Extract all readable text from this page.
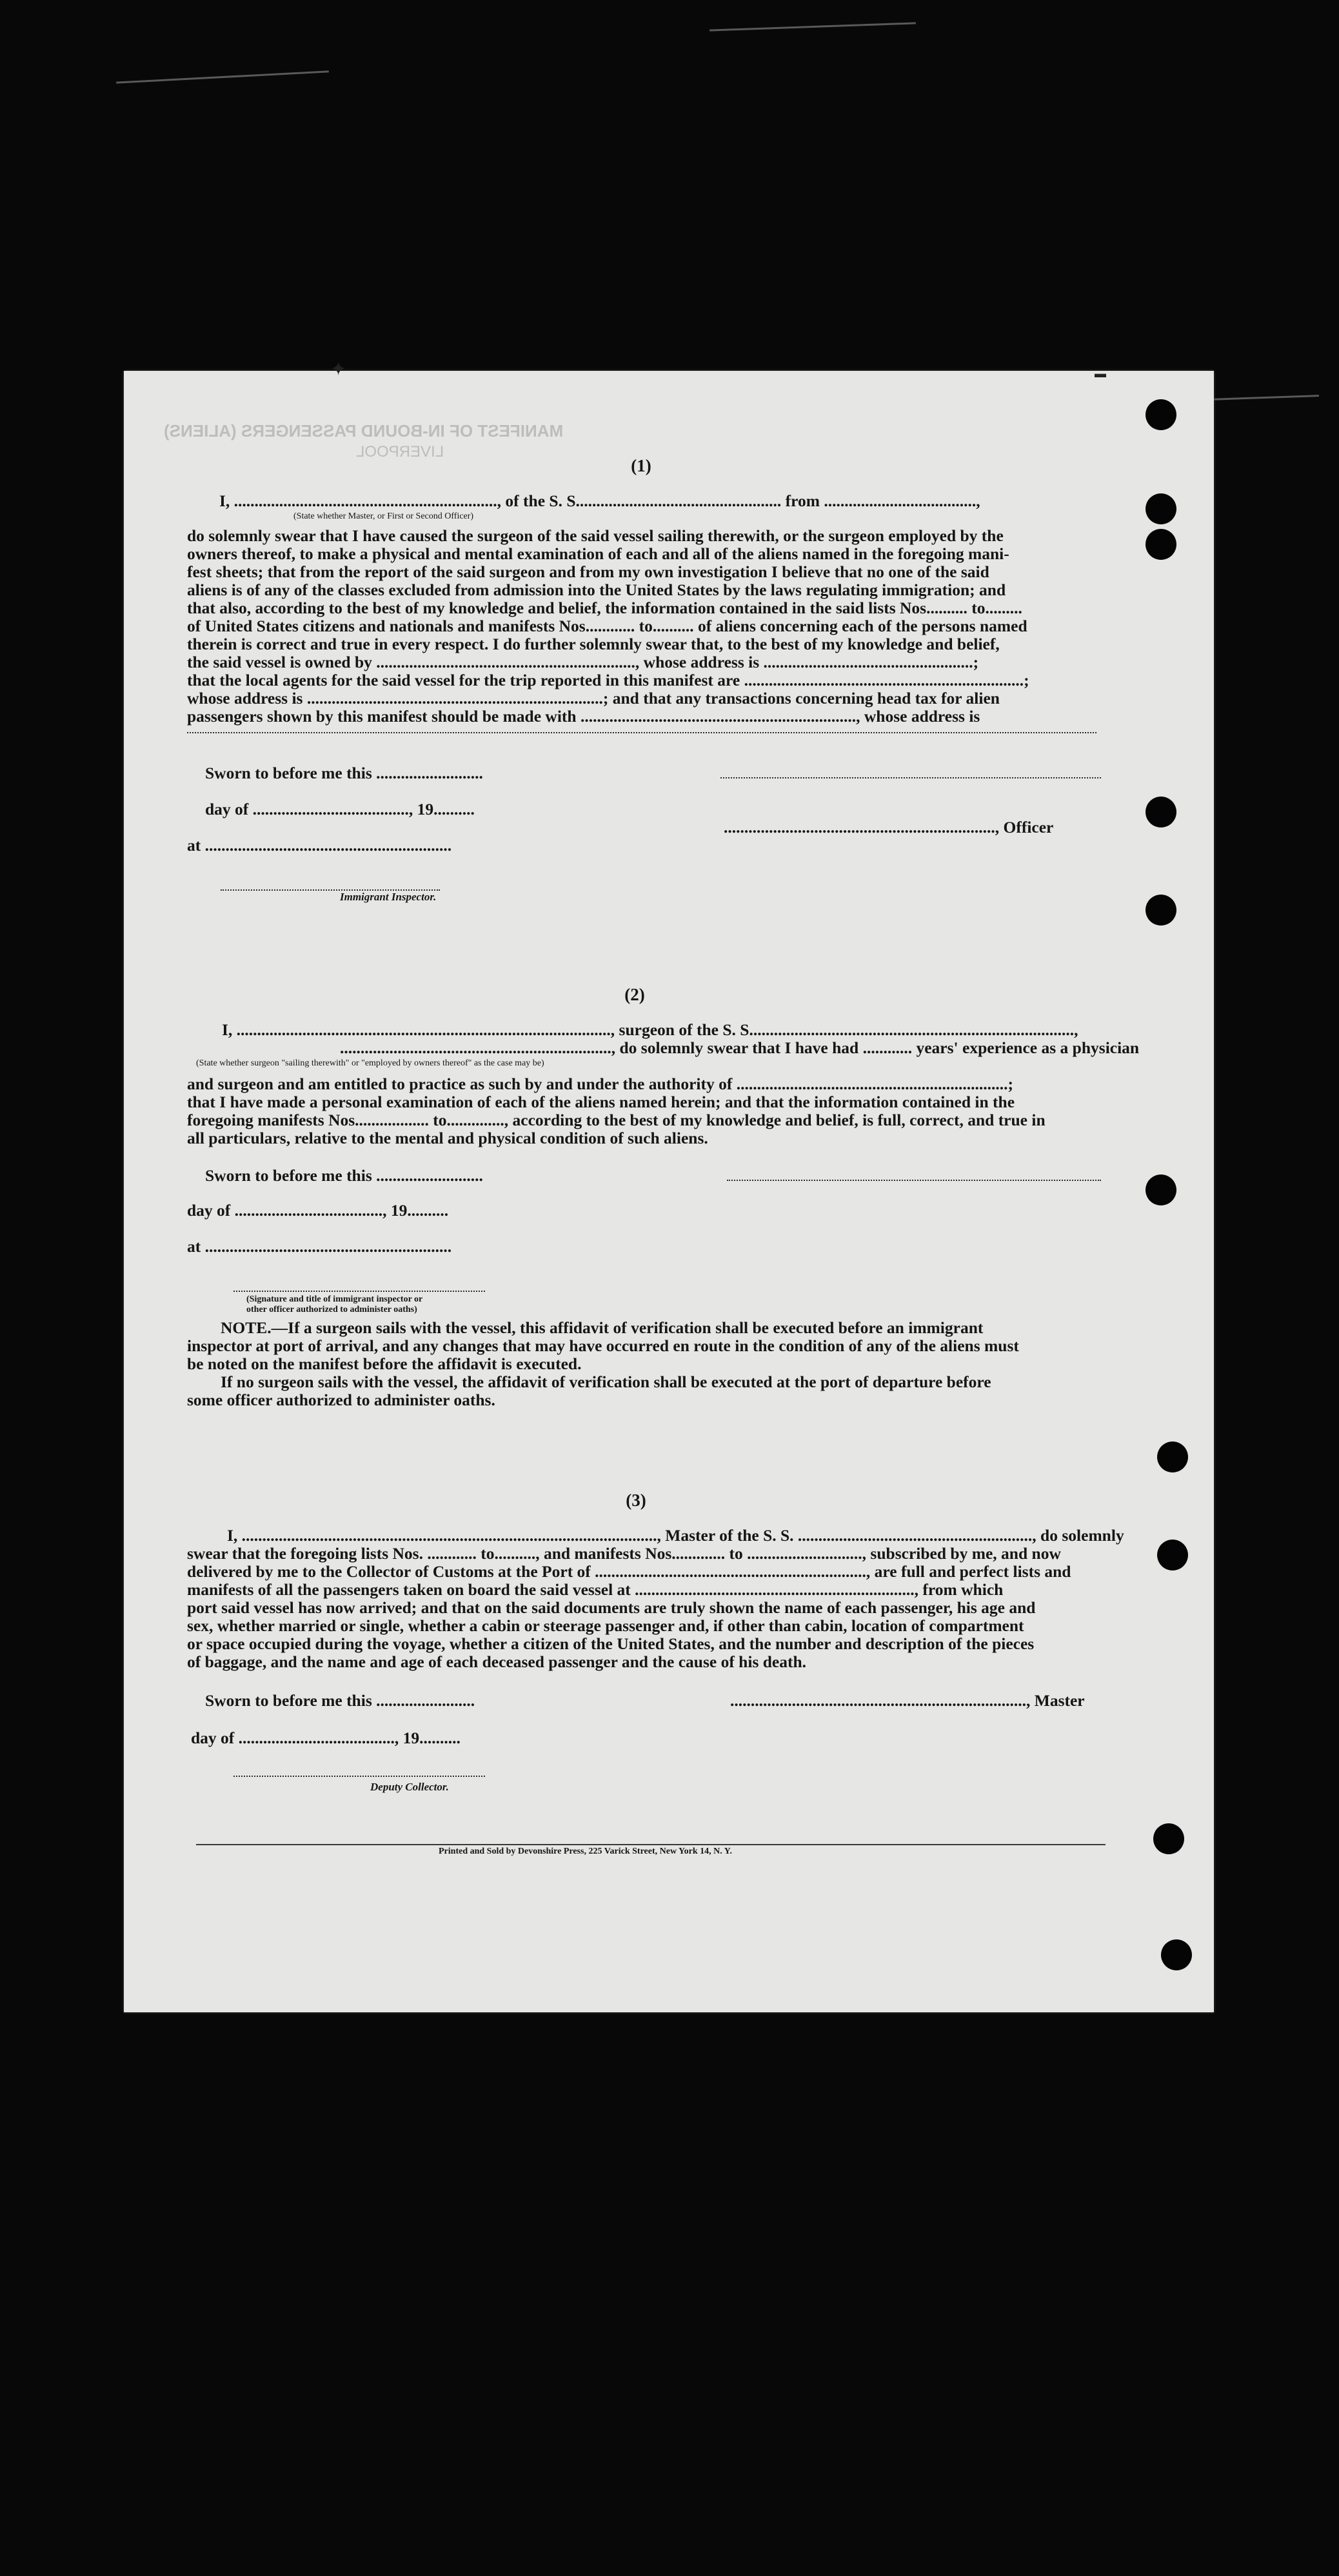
✦	▬
MANIFEST OF IN-BOUND PASSENGERS (ALIENS)
LIVERPOOL
(1)
I, ................................................................, of the S. S.................................................. from .....................................,
(State whether Master, or First or Second Officer)
do solemnly swear that I have caused the surgeon of the said vessel sailing therewith, or the surgeon employed by the
owners thereof, to make a physical and mental examination of each and all of the aliens named in the foregoing mani-
fest sheets; that from the report of the said surgeon and from my own investigation I believe that no one of the said
aliens is of any of the classes excluded from admission into the United States by the laws regulating immigration; and
that also, according to the best of my knowledge and belief, the information contained in the said lists Nos.......... to.........
of United States citizens and nationals and manifests Nos............ to.......... of aliens concerning each of the persons named
therein is correct and true in every respect. I do further solemnly swear that, to the best of my knowledge and belief,
the said vessel is owned by ..............................................................., whose address is ...................................................;
that the local agents for the said vessel for the trip reported in this manifest are ....................................................................;
whose address is ........................................................................; and that any transactions concerning head tax for alien
passengers shown by this manifest should be made with ..................................................................., whose address is
Sworn to before me this ..........................
day of ......................................, 19..........
.................................................................., Officer
at ............................................................
Immigrant Inspector.
(2)
I, ..........................................................................................., surgeon of the S. S...............................................................................,
.................................................................., do solemnly swear that I have had ............ years' experience as a physician
(State whether surgeon "sailing therewith" or "employed by owners thereof" as the case may be)
and surgeon and am entitled to practice as such by and under the authority of ..................................................................;
that I have made a personal examination of each of the aliens named herein; and that the information contained in the
foregoing manifests Nos.................. to.............., according to the best of my knowledge and belief, is full, correct, and true in
all particulars, relative to the mental and physical condition of such aliens.
Sworn to before me this ..........................
day of ...................................., 19..........
at ............................................................
(Signature and title of immigrant inspector or
other officer authorized to administer oaths)
NOTE.—If a surgeon sails with the vessel, this affidavit of verification shall be executed before an immigrant
inspector at port of arrival, and any changes that may have occurred en route in the condition of any of the aliens must
be noted on the manifest before the affidavit is executed.
If no surgeon sails with the vessel, the affidavit of verification shall be executed at the port of departure before
some officer authorized to administer oaths.
(3)
I, ....................................................................................................., Master of the S. S. ........................................................., do solemnly
swear that the foregoing lists Nos. ............ to.........., and manifests Nos............. to ............................, subscribed by me, and now
delivered by me to the Collector of Customs at the Port of .................................................................., are full and perfect lists and
manifests of all the passengers taken on board the said vessel at ...................................................................., from which
port said vessel has now arrived; and that on the said documents are truly shown the name of each passenger, his age and
sex, whether married or single, whether a cabin or steerage passenger and, if other than cabin, location of compartment
or space occupied during the voyage, whether a citizen of the United States, and the number and description of the pieces
of baggage, and the name and age of each deceased passenger and the cause of his death.
Sworn to before me this ........................	........................................................................, Master
day of ......................................, 19..........
Deputy Collector.
Printed and Sold by Devonshire Press, 225 Varick Street, New York 14, N. Y.
